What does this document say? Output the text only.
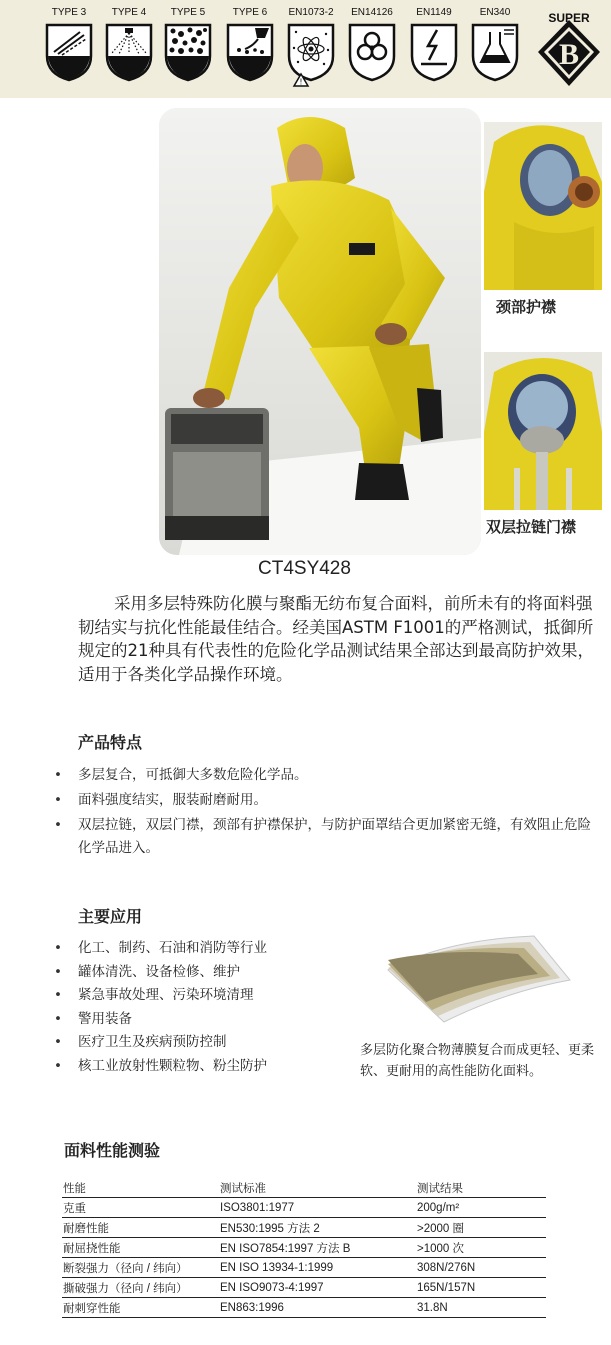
TYPE 3	TYPE 4	TYPE 5	TYPE 6	EN1073-2
!
EN14126	EN1149	EN340	SUPER
B
颈部护襟
双层拉链门襟
CT4SY428
采用多层特殊防化膜与聚酯无纺布复合面料，前所未有的将面料强韧结实与抗化性能最佳结合。经美国ASTM F1001的严格测试，抵御所规定的21种具有代表性的危险化学品测试结果全部达到最高防护效果，适用于各类化学品操作环境。
产品特点
• 多层复合，可抵御大多数危险化学品。
• 面料强度结实，服装耐磨耐用。
• 双层拉链，双层门襟，颈部有护襟保护，与防护面罩结合更加紧密无缝，有效阻止危险化学品进入。
主要应用
• 化工、制药、石油和消防等行业
• 罐体清洗、设备检修、维护
• 紧急事故处理、污染环境清理
• 警用装备
• 医疗卫生及疾病预防控制
• 核工业放射性颗粒物、粉尘防护
多层防化聚合物薄膜复合而成更轻、更柔软、更耐用的高性能防化面料。
面料性能测验
性能	测试标准	测试结果
克重	ISO3801:1977	200g/m²
耐磨性能	EN530:1995 方法 2	>2000 圈
耐屈挠性能	EN ISO7854:1997 方法 B	>1000 次
断裂强力（径向 / 纬向）	EN ISO 13934-1:1999	308N/276N
撕破强力（径向 / 纬向）	EN ISO9073-4:1997	165N/157N
耐刺穿性能	EN863:1996	31.8N
